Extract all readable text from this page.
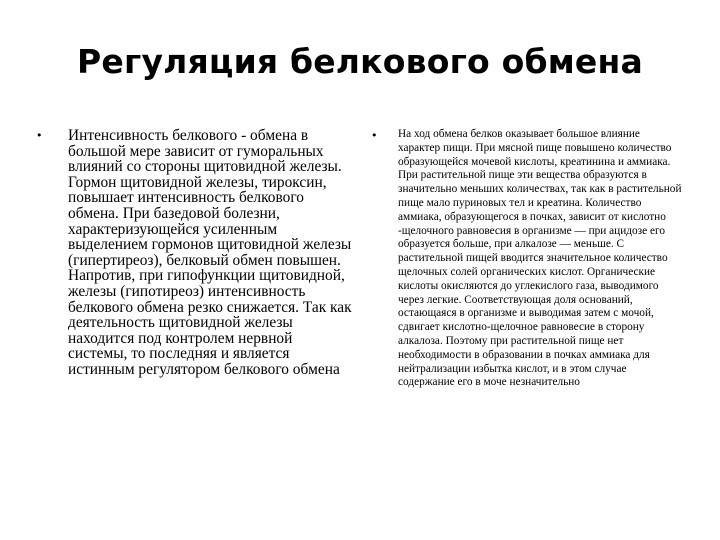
Регуляция белкового обмена
• Интенсивность белкового - обмена в большой мере зависит от гуморальных влияний со стороны щитовидной железы. Гормон щитовидной железы, тироксин, повышает интенсивность белкового обмена. При базедовой болезни, характеризующейся усиленным выделением гормонов щитовидной железы (гипертиреоз), белковый обмен повышен. Напротив, при гипофункции щитовидной, железы (гипотиреоз) интенсивность белкового обмена резко снижается. Так как деятельность щитовидной железы находится под контролем нервной системы, то последняя и является истинным регулятором белкового обмена
• На ход обмена белков оказывает большое влияние характер пищи. При мясной пище повышено количество образующейся мочевой кислоты, креатинина и аммиака. При растительной пище эти вещества образуются в значительно меньших количествах, так как в растительной пище мало пуриновых тел и креатина. Количество аммиака, образующегося в почках, зависит от кислотно -щелочного равновесия в организме — при ацидозе его образуется больше, при алкалозе — меньше. С растительной пищей вводится значительное количество щелочных солей органических кислот. Органические кислоты окисляются до углекислого газа, выводимого через легкие. Соответствующая доля оснований, остающаяся в организме и выводимая затем с мочой, сдвигает кислотно-щелочное равновесие в сторону алкалоза. Поэтому при растительной пище нет необходимости в образовании в почках аммиака для нейтрализации избытка кислот, и в этом случае содержание его в моче незначительно
